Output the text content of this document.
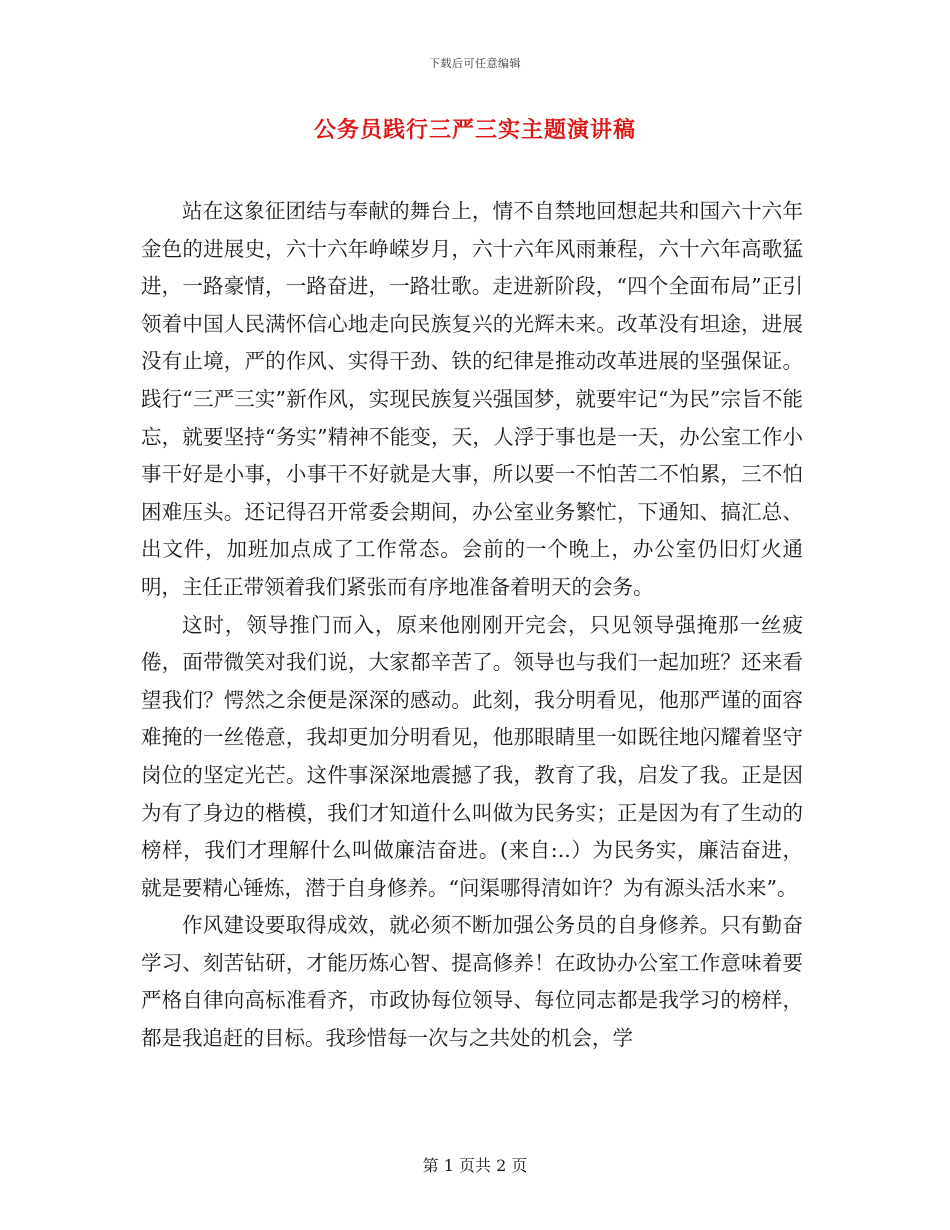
下载后可任意编辑
公务员践行三严三实主题演讲稿

站在这象征团结与奉献的舞台上，情不自禁地回想起共和国六十六年金色的进展史，六十六年峥嵘岁月，六十六年风雨兼程，六十六年高歌猛进，一路豪情，一路奋进，一路壮歌。走进新阶段，“四个全面布局”正引领着中国人民满怀信心地走向民族复兴的光辉未来。改革没有坦途，进展没有止境，严的作风、实得干劲、铁的纪律是推动改革进展的坚强保证。践行“三严三实”新作风，实现民族复兴强国梦，就要牢记“为民”宗旨不能忘，就要坚持“务实”精神不能变，天，人浮于事也是一天，办公室工作小事干好是小事，小事干不好就是大事，所以要一不怕苦二不怕累，三不怕困难压头。还记得召开常委会期间，办公室业务繁忙，下通知、搞汇总、出文件，加班加点成了工作常态。会前的一个晚上，办公室仍旧灯火通明，主任正带领着我们紧张而有序地准备着明天的会务。

这时，领导推门而入，原来他刚刚开完会，只见领导强掩那一丝疲倦，面带微笑对我们说，大家都辛苦了。领导也与我们一起加班？还来看望我们？愕然之余便是深深的感动。此刻，我分明看见，他那严谨的面容难掩的一丝倦意，我却更加分明看见，他那眼睛里一如既往地闪耀着坚守岗位的坚定光芒。这件事深深地震撼了我，教育了我，启发了我。正是因为有了身边的楷模，我们才知道什么叫做为民务实；正是因为有了生动的榜样，我们才理解什么叫做廉洁奋进。(来自:..）为民务实，廉洁奋进，就是要精心锤炼，潜于自身修养。“问渠哪得清如许？为有源头活水来”。

作风建设要取得成效，就必须不断加强公务员的自身修养。只有勤奋学习、刻苦钻研，才能历炼心智、提高修养！在政协办公室工作意味着要严格自律向高标准看齐，市政协每位领导、每位同志都是我学习的榜样，都是我追赶的目标。我珍惜每一次与之共处的机会，学

第 1 页共 2 页
